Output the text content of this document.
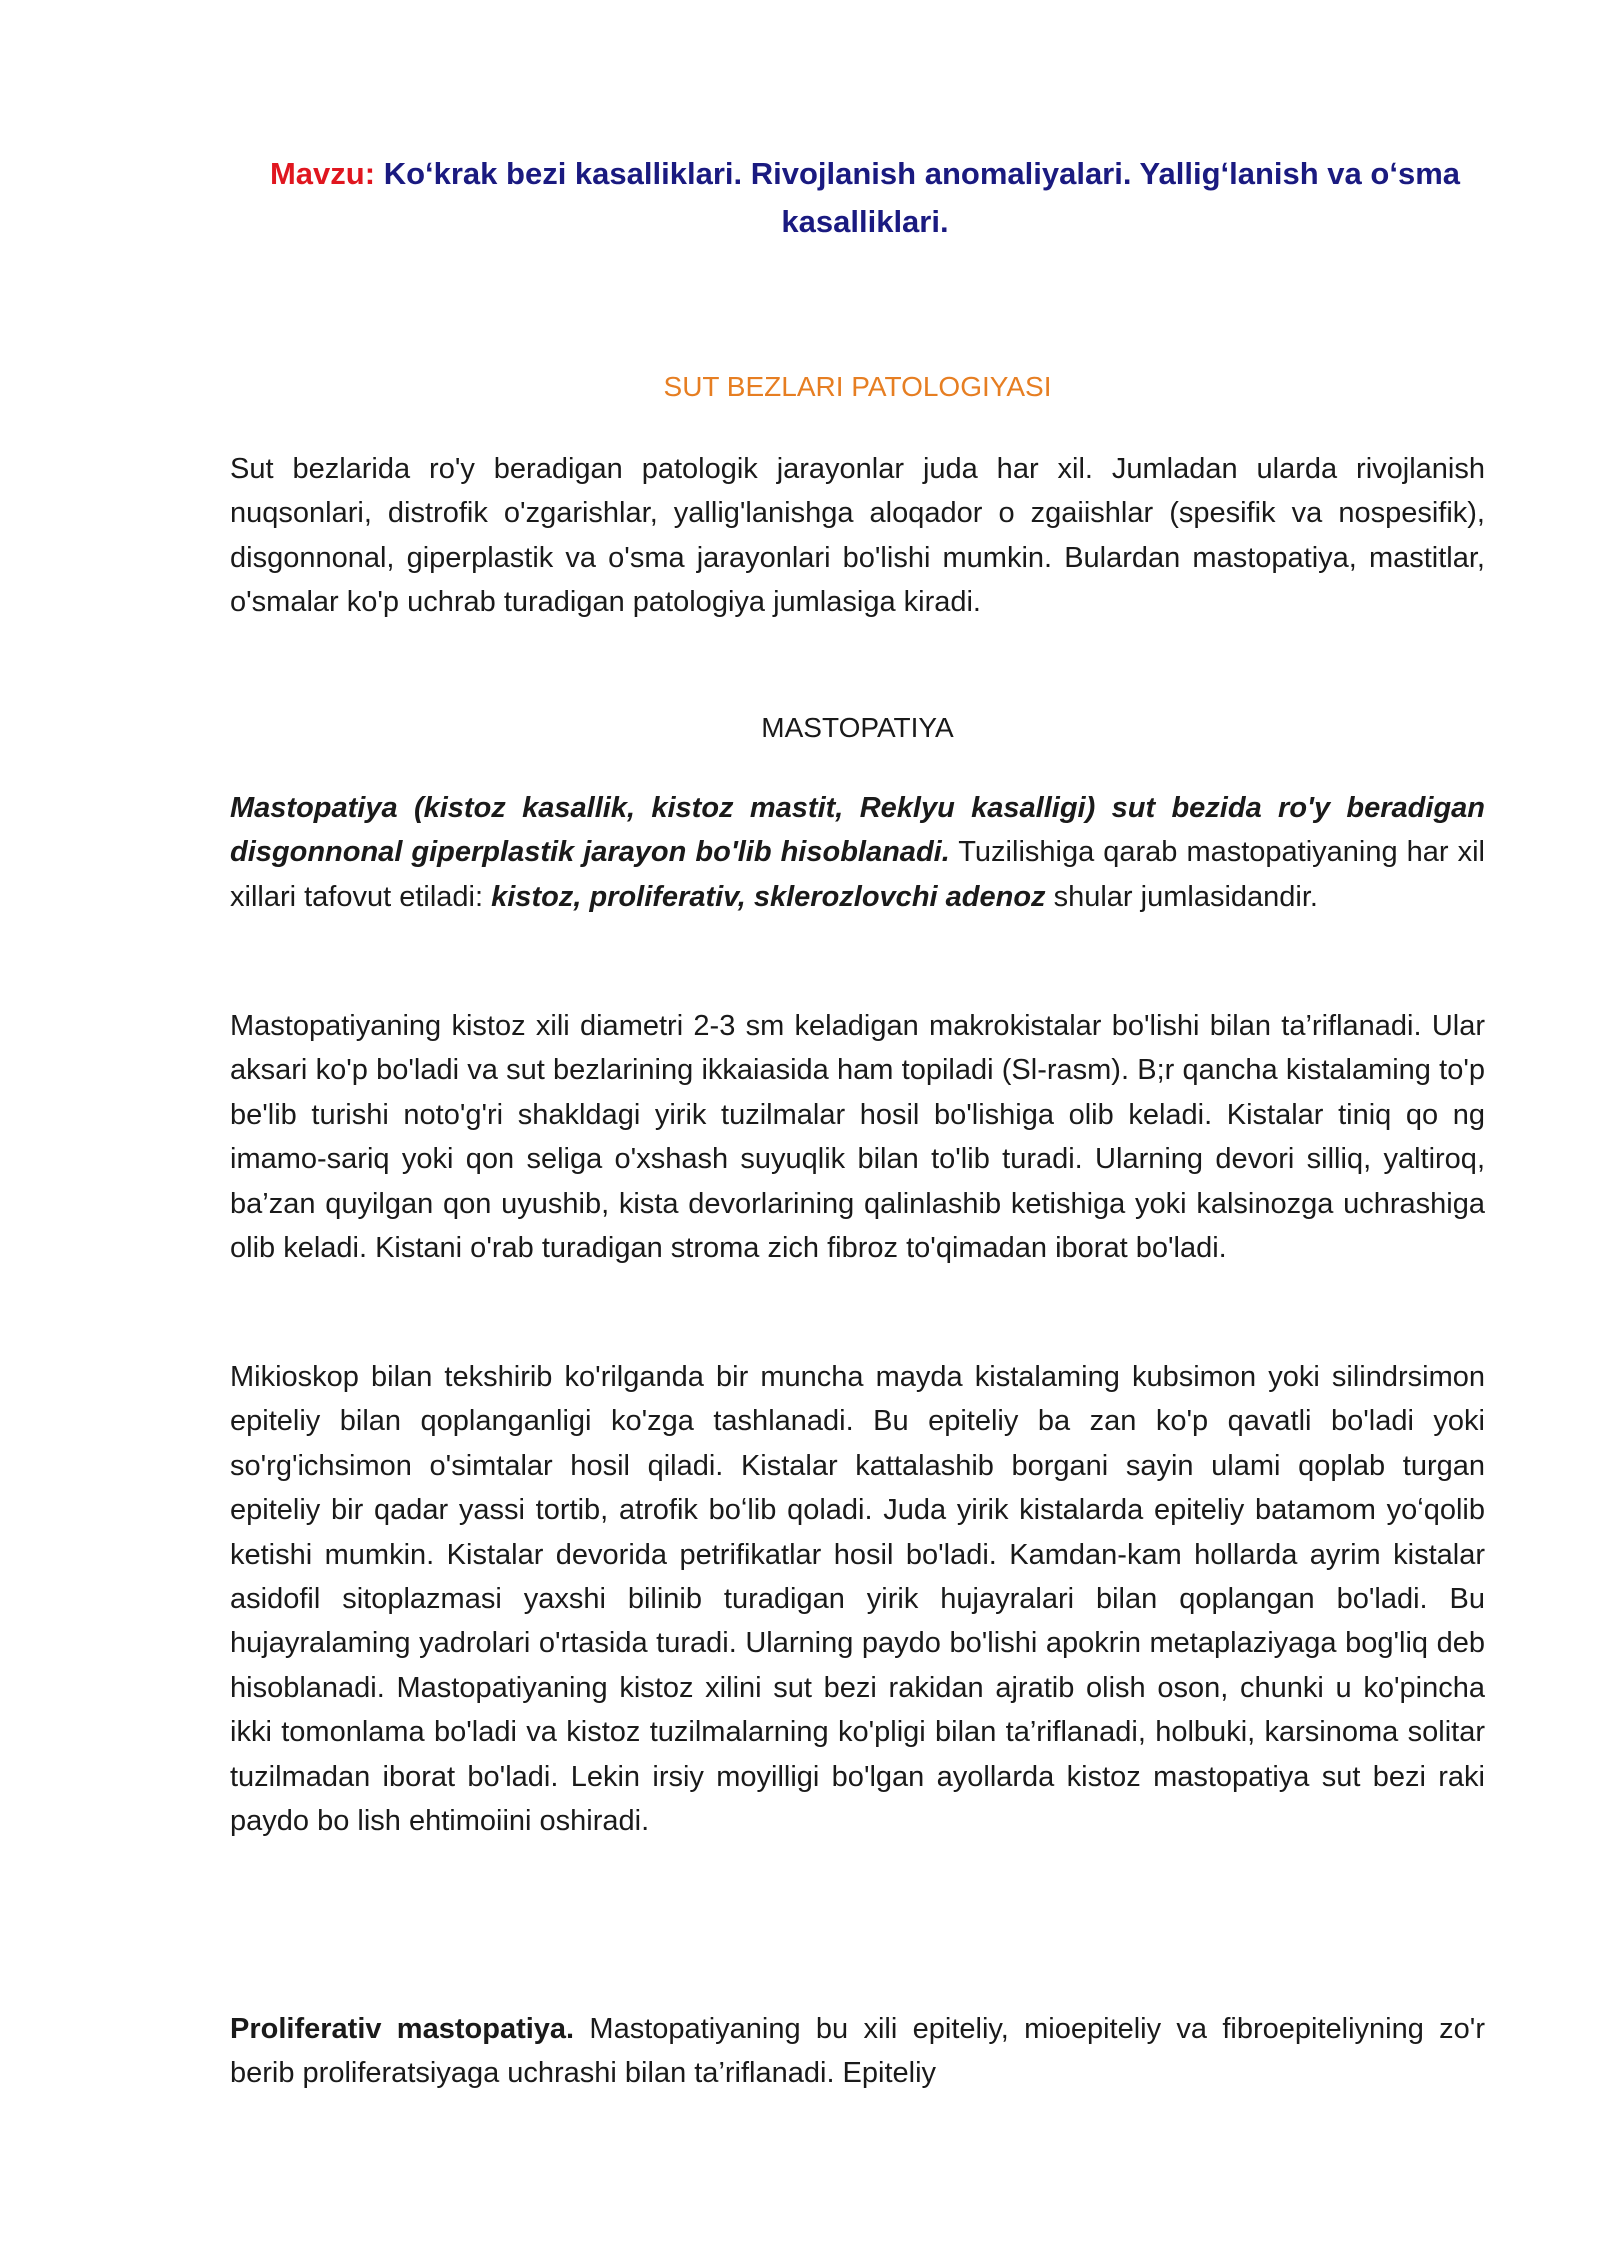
Mavzu: Koʻkrak bezi kasalliklari. Rivojlanish anomaliyalari. Yalligʻlanish va oʻsma kasalliklari.
SUT BEZLARI PATOLOGIYASI

Sut bezlarida ro'y beradigan patologik jarayonlar juda har xil. Jumladan ularda rivojlanish nuqsonlari, distrofik o'zgarishlar, yallig'lanishga aloqador o zgaiishlar (spesifik va nospesifik), disgonnonal, giperplastik va o'sma jarayonlari bo'lishi mumkin. Bulardan mastopatiya, mastitlar, o'smalar ko'p uchrab turadigan patologiya jumlasiga kiradi.

MASTOPATIYA

Mastopatiya (kistoz kasallik, kistoz mastit, Reklyu kasalligi) sut bezida ro'y beradigan disgonnonal giperplastik jarayon bo'lib hisoblanadi. Tuzilishiga qarab mastopatiyaning har xil xillari tafovut etiladi: kistoz, proliferativ, sklerozlovchi adenoz shular jumlasidandir.

Mastopatiyaning kistoz xili diametri 2-3 sm keladigan makrokistalar bo'lishi bilan ta’riflanadi. Ular aksari ko'p bo'ladi va sut bezlarining ikkaiasida ham topiladi (Sl-rasm). B;r qancha kistalaming to'p be'lib turishi noto'g'ri shakldagi yirik tuzilmalar hosil bo'lishiga olib keladi. Kistalar tiniq qo ng imamo-sariq yoki qon seliga o'xshash suyuqlik bilan to'lib turadi. Ularning devori silliq, yaltiroq, ba’zan quyilgan qon uyushib, kista devorlarining qalinlashib ketishiga yoki kalsinozga uchrashiga olib keladi. Kistani o'rab turadigan stroma zich fibroz to'qimadan iborat bo'ladi.

Mikioskop bilan tekshirib ko'rilganda bir muncha mayda kistalaming kubsimon yoki silindrsimon epiteliy bilan qoplanganligi ko'zga tashlanadi. Bu epiteliy ba zan ko'p qavatli bo'ladi yoki so'rg'ichsimon o'simtalar hosil qiladi. Kistalar kattalashib borgani sayin ulami qoplab turgan epiteliy bir qadar yassi tortib, atrofik boʻlib qoladi. Juda yirik kistalarda epiteliy batamom yoʻqolib ketishi mumkin. Kistalar devorida petrifikatlar hosil bo'ladi. Kamdan-kam hollarda ayrim kistalar asidofil sitoplazmasi yaxshi bilinib turadigan yirik hujayralari bilan qoplangan bo'ladi. Bu hujayralaming yadrolari o'rtasida turadi. Ularning paydo bo'lishi apokrin metaplaziyaga bog'liq deb hisoblanadi. Mastopatiyaning kistoz xilini sut bezi rakidan ajratib olish oson, chunki u ko'pincha ikki tomonlama bo'ladi va kistoz tuzilmalarning ko'pligi bilan ta’riflanadi, holbuki, karsinoma solitar tuzilmadan iborat bo'ladi. Lekin irsiy moyilligi bo'lgan ayollarda kistoz mastopatiya sut bezi raki paydo bo lish ehtimoiini oshiradi.

Proliferativ mastopatiya. Mastopatiyaning bu xili epiteliy, mioepiteliy va fibroepiteliyning zo'r berib proliferatsiyaga uchrashi bilan ta’riflanadi. Epiteliy
